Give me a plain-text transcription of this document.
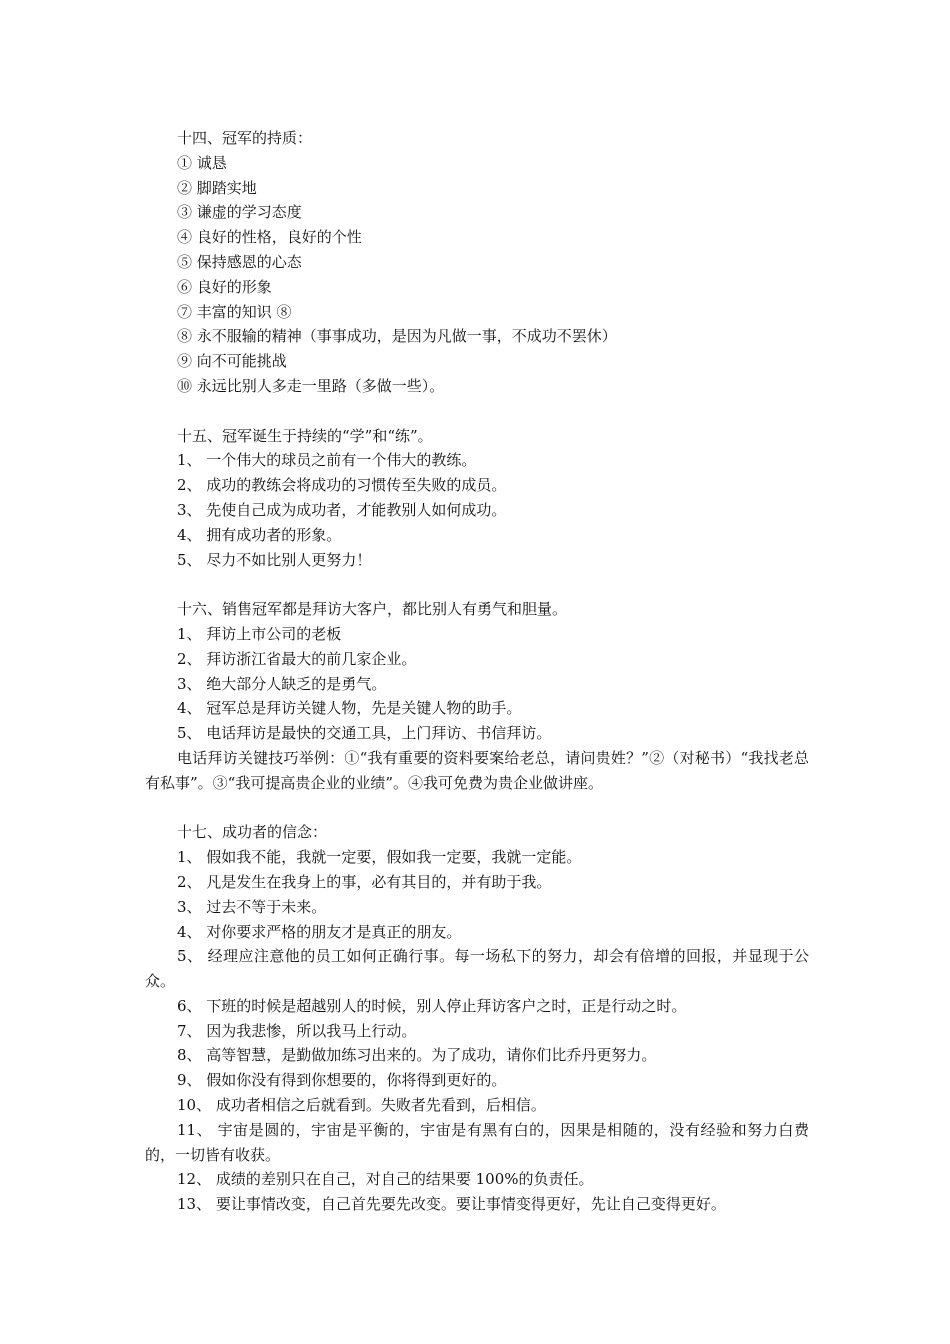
十四、冠军的持质：

① 诚恳

② 脚踏实地

③ 谦虚的学习态度

④ 良好的性格，良好的个性

⑤ 保持感恩的心态

⑥ 良好的形象

⑦ 丰富的知识 ⑧

⑧ 永不服输的精神（事事成功，是因为凡做一事，不成功不罢休）

⑨ 向不可能挑战

⑩ 永远比别人多走一里路（多做一些）。

十五、冠军诞生于持续的“学”和“练”。

1、 一个伟大的球员之前有一个伟大的教练。

2、 成功的教练会将成功的习惯传至失败的成员。

3、 先使自己成为成功者，才能教别人如何成功。

4、 拥有成功者的形象。

5、 尽力不如比别人更努力！

十六、销售冠军都是拜访大客户，都比别人有勇气和胆量。

1、 拜访上市公司的老板

2、 拜访浙江省最大的前几家企业。

3、 绝大部分人缺乏的是勇气。

4、 冠军总是拜访关键人物，先是关键人物的助手。

5、 电话拜访是最快的交通工具，上门拜访、书信拜访。

电话拜访关键技巧举例：①“我有重要的资料要案给老总，请问贵姓？”②（对秘书）“我找老总有私事”。③“我可提高贵企业的业绩”。④我可免费为贵企业做讲座。

十七、成功者的信念：

1、 假如我不能，我就一定要，假如我一定要，我就一定能。

2、 凡是发生在我身上的事，必有其目的，并有助于我。

3、 过去不等于未来。

4、 对你要求严格的朋友才是真正的朋友。

5、 经理应注意他的员工如何正确行事。每一场私下的努力，却会有倍增的回报，并显现于公众。

6、 下班的时候是超越别人的时候，别人停止拜访客户之时，正是行动之时。

7、 因为我悲惨，所以我马上行动。

8、 高等智慧，是勤做加练习出来的。为了成功，请你们比乔丹更努力。

9、 假如你没有得到你想要的，你将得到更好的。

10、 成功者相信之后就看到。失败者先看到，后相信。

11、 宇宙是圆的，宇宙是平衡的，宇宙是有黑有白的，因果是相随的，没有经验和努力白费的，一切皆有收获。

12、 成绩的差别只在自己，对自己的结果要 100%的负责任。

13、 要让事情改变，自己首先要先改变。要让事情变得更好，先让自己变得更好。
